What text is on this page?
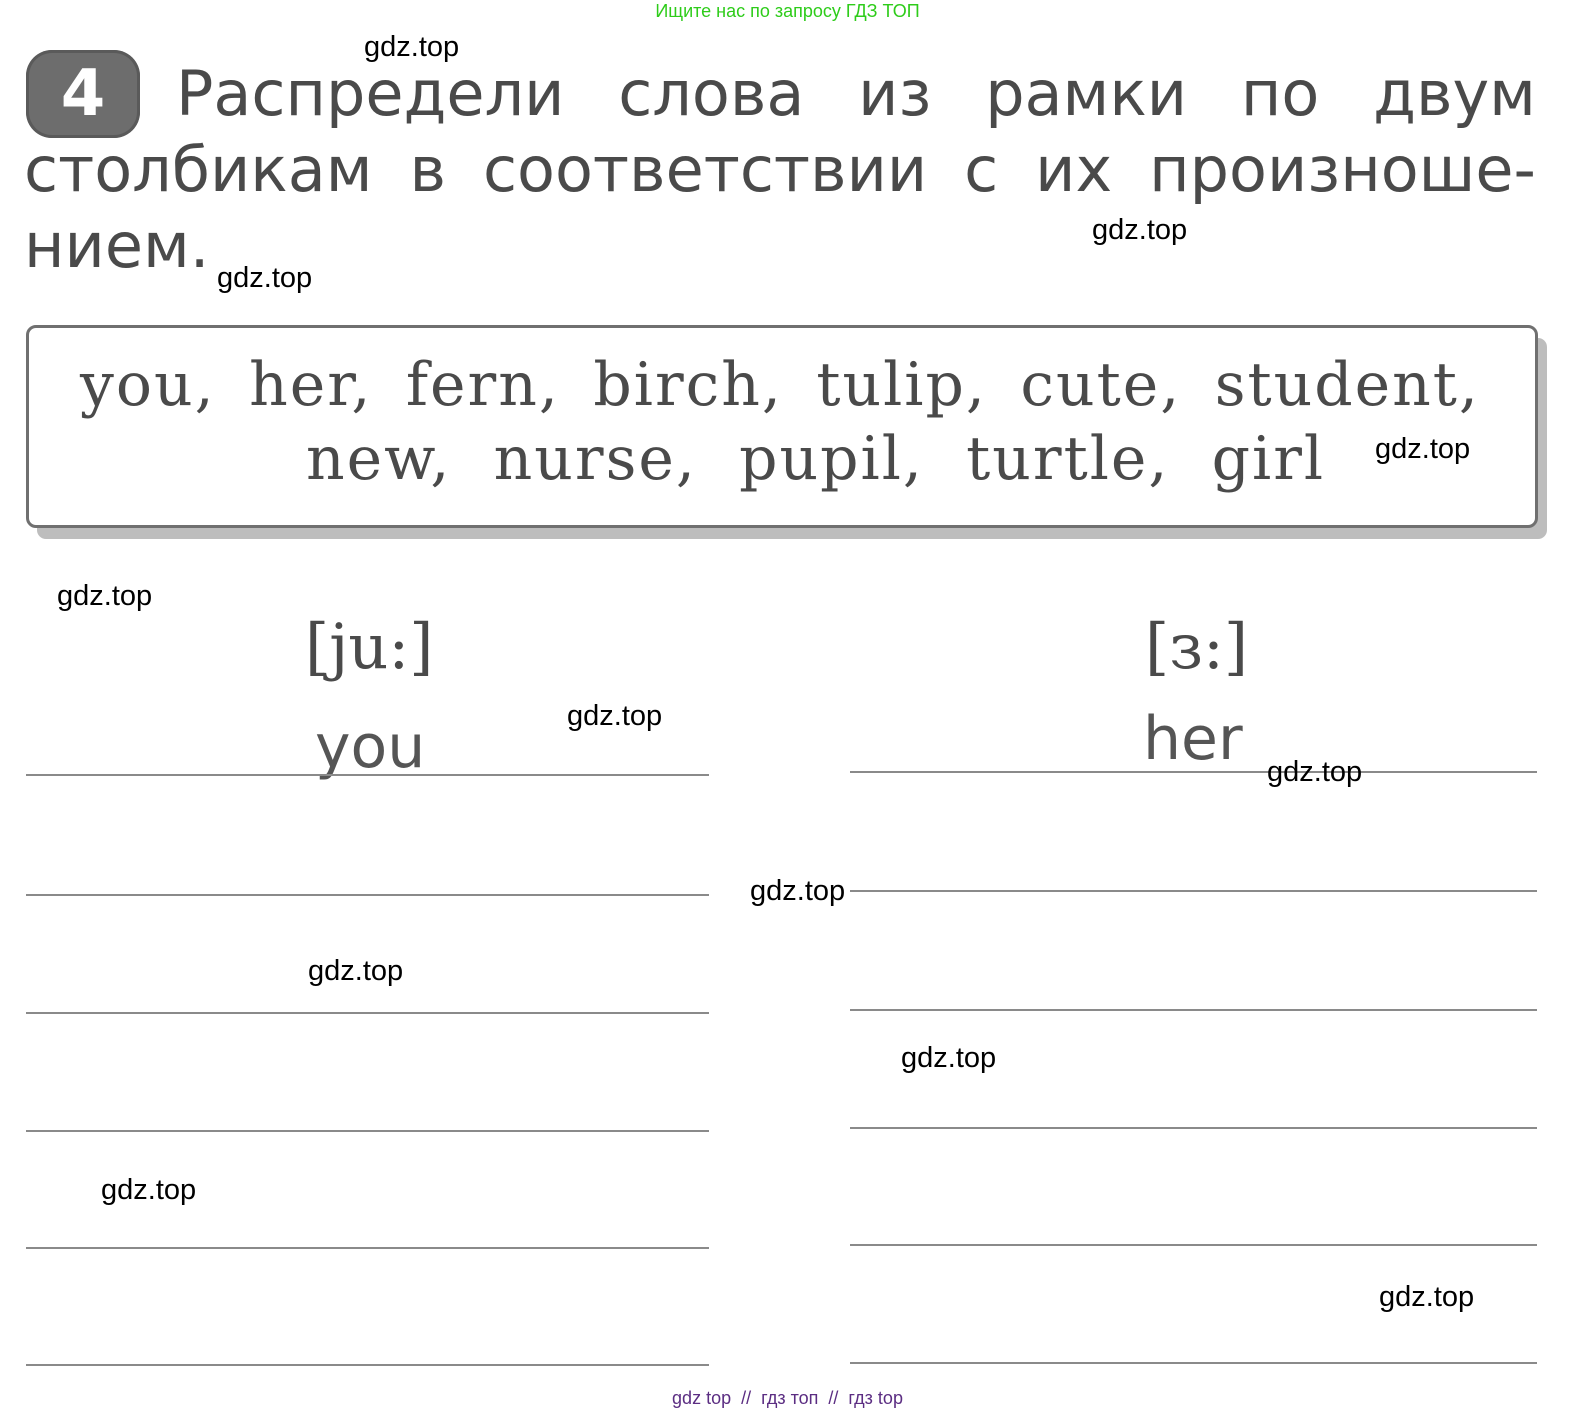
Ищите нас по запросу ГДЗ ТОП
4	Распредели слова из рамки по двум
столбикам в соответствии с их произноше-
нием.
you, her, fern, birch, tulip, cute, student,
new,  nurse,  pupil,  turtle,  girl
[ju:]	[з:]
you	her
gdz.top
gdz.top
gdz.top
gdz.top
gdz.top
gdz.top
gdz.top
gdz.top
gdz.top
gdz.top
gdz.top
gdz.top
gdz top  //  гдз топ  //  гдз top
